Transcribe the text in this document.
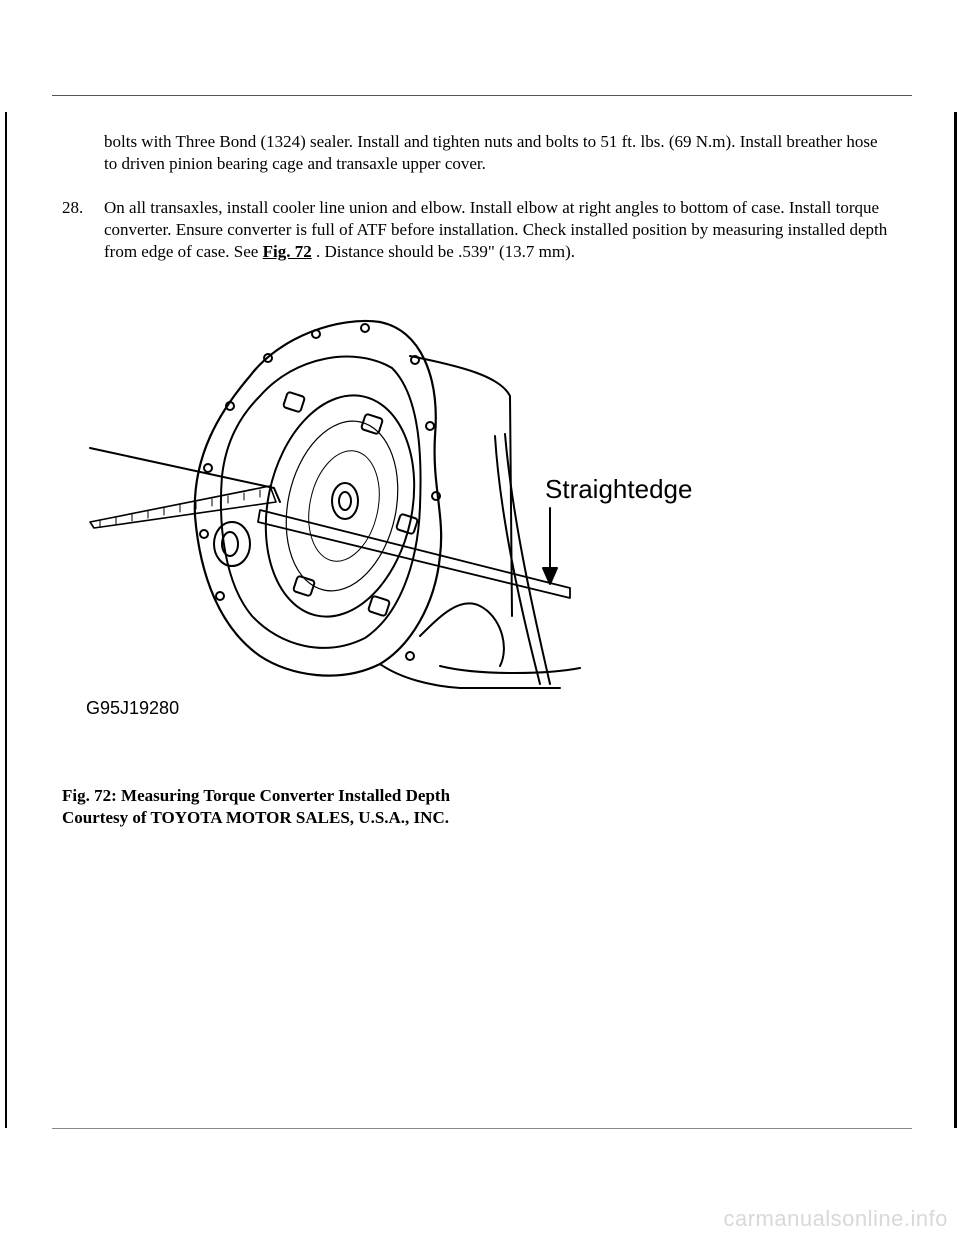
bolts with Three Bond (1324) sealer. Install and tighten nuts and bolts to 51 ft. lbs. (69 N.m). Install breather hose to driven pinion bearing cage and transaxle upper cover.

28. On all transaxles, install cooler line union and elbow. Install elbow at right angles to bottom of case. Install torque converter. Ensure converter is full of ATF before installation. Check installed position by measuring installed depth from edge of case. See Fig. 72 . Distance should be .539" (13.7 mm).
Straightedge
G95J19280
Fig. 72: Measuring Torque Converter Installed Depth
Courtesy of TOYOTA MOTOR SALES, U.S.A., INC.
carmanualsonline.info
